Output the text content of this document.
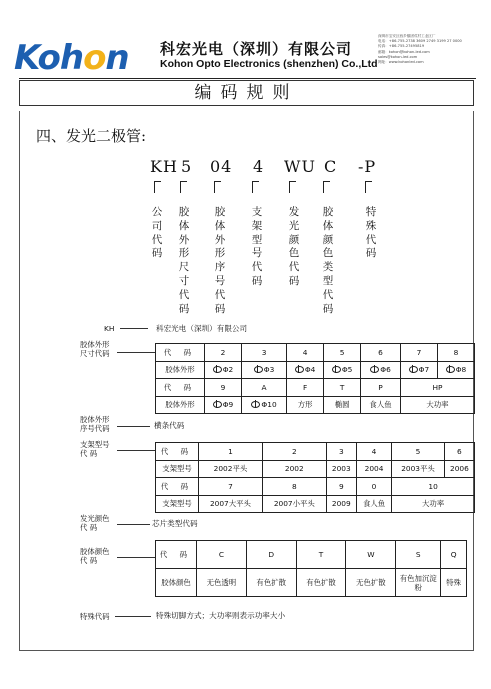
Kohon 科宏光电（深圳）有限公司
Kohon Opto Electronics (shenzhen) Co.,Ltd
深圳市宝安区西乡镇固戍村工业区厂
电话：+86-755-2738 3609 2749 3199 27 0000
传真：+86-755-27495819
邮箱：kohon@kohon-led.com
sales@kohon-led.com
网址：www.kohonled.com
编码规则
四、发光二极管:
KH 5 04 4 WU C -P
公
司
代
码
胶
体
外
形
尺
寸
代
码
胶
体
外
形
序
号
代
码
支
架
型
号
代
码
发
光
颜
色
代
码
胶
体
颜
色
类
型
代
码
特
殊
代
码
KH	科宏光电（深圳）有限公司
胶体外形
尺寸代码	代 码	2	3	4	5	6	7	8
胶体外形	Φ2	Φ3	Φ4	Φ5	Φ6	Φ7	Φ8
代 码	9	A	F	T	P	HP	
胶体外形	Φ9	Φ10	方形	椭圆	食人鱼	大功率	
胶体外形
序号代码	横条代码
支架型号
代 码	代 码	1	2	3	4	5	6
支架型号	2002平头	2002	2003	2004	2003平头	2006
代 码	7	8	9	0	10	
支架型号	2007大平头	2007小平头	2009	食人鱼	大功率	
发光颜色
代 码	芯片类型代码
胶体颜色
代 码
代 码	C	D	T	W	S	Q
胶体颜色	无色透明	有色扩散	有色扩散	无色扩散	有色加沉淀 粉	特殊
特殊代码	特殊切脚方式；大功率则表示功率大小
